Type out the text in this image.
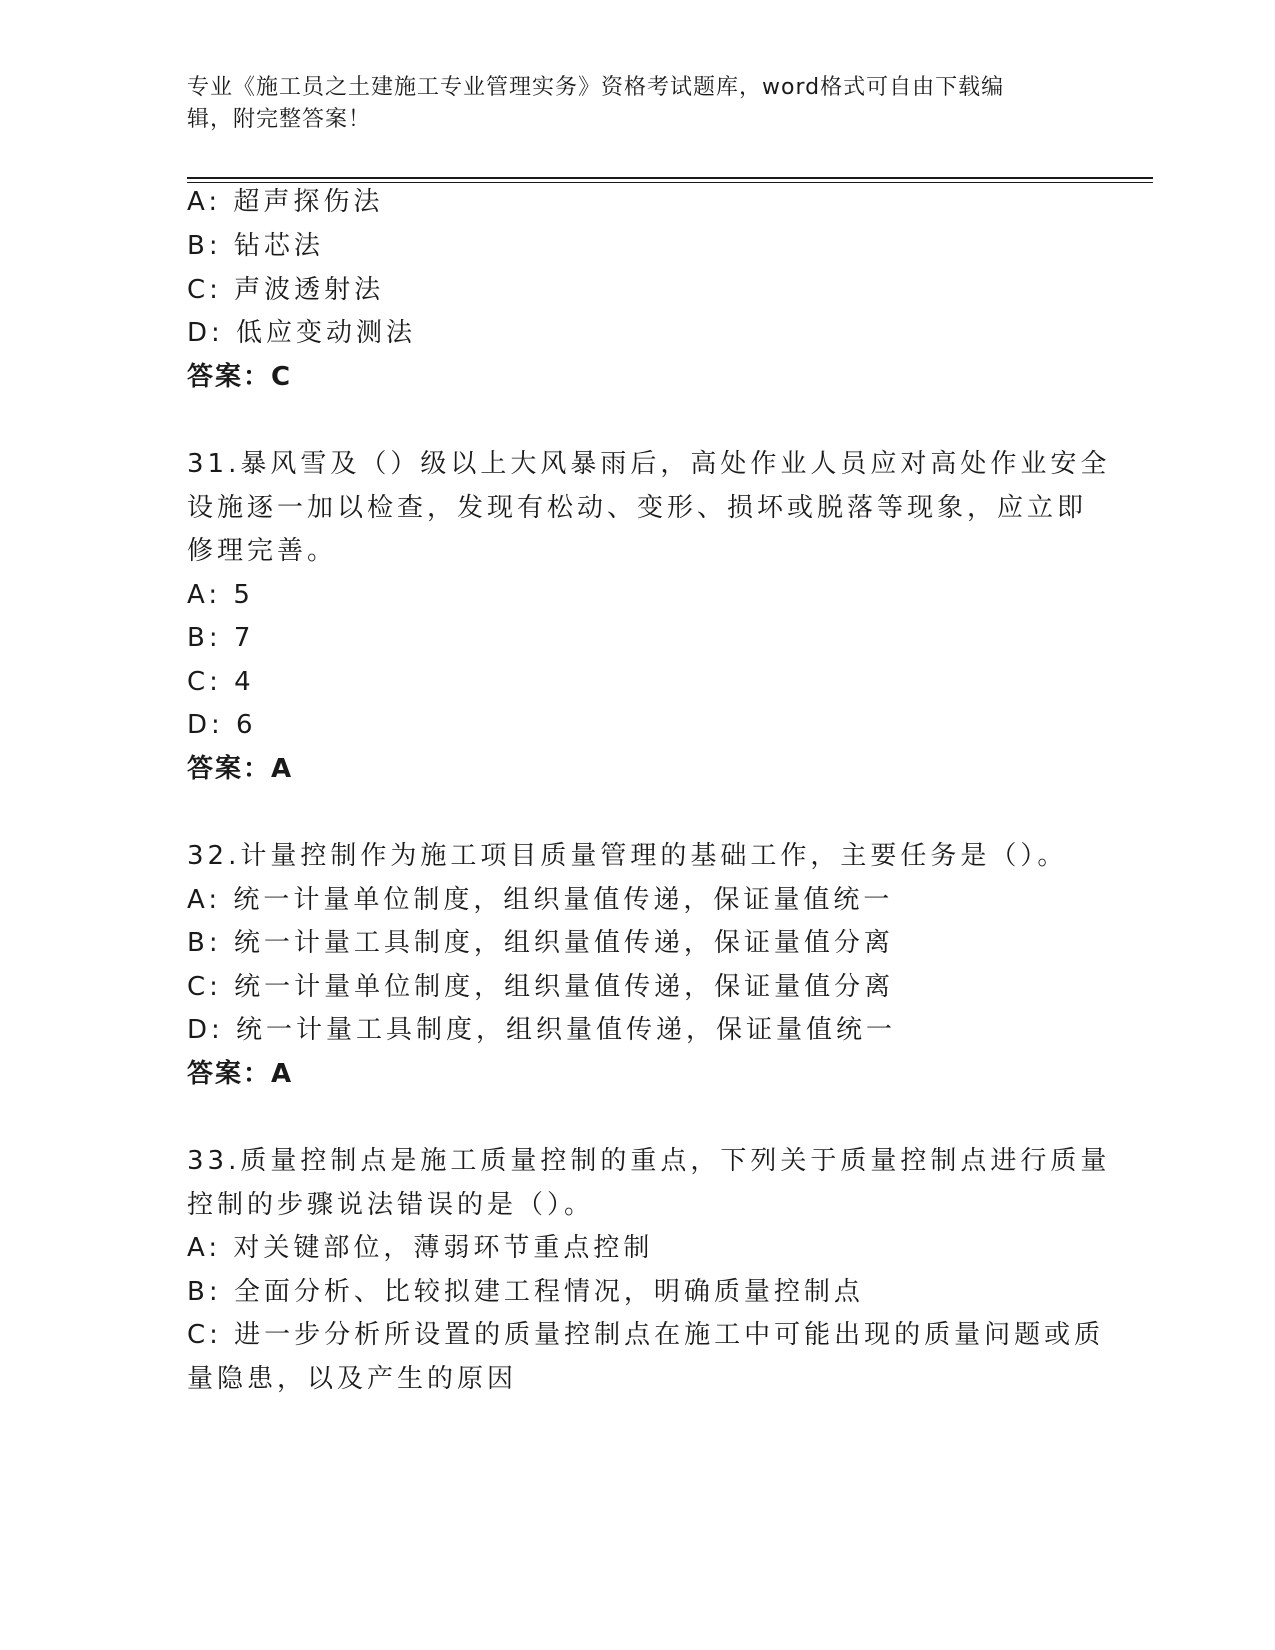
专业《施工员之土建施工专业管理实务》资格考试题库，word格式可自由下载编
辑，附完整答案！
A: 超声探伤法
B: 钻芯法
C: 声波透射法
D: 低应变动测法
答案：C
31.暴风雪及（）级以上大风暴雨后，高处作业人员应对高处作业安全
设施逐一加以检查，发现有松动、变形、损坏或脱落等现象，应立即
修理完善。
A: 5
B: 7
C: 4
D: 6
答案：A
32.计量控制作为施工项目质量管理的基础工作，主要任务是（）。
A: 统一计量单位制度，组织量值传递，保证量值统一
B: 统一计量工具制度，组织量值传递，保证量值分离
C: 统一计量单位制度，组织量值传递，保证量值分离
D: 统一计量工具制度，组织量值传递，保证量值统一
答案：A
33.质量控制点是施工质量控制的重点，下列关于质量控制点进行质量
控制的步骤说法错误的是（）。
A: 对关键部位，薄弱环节重点控制
B: 全面分析、比较拟建工程情况，明确质量控制点
C: 进一步分析所设置的质量控制点在施工中可能出现的质量问题或质
量隐患，以及产生的原因
